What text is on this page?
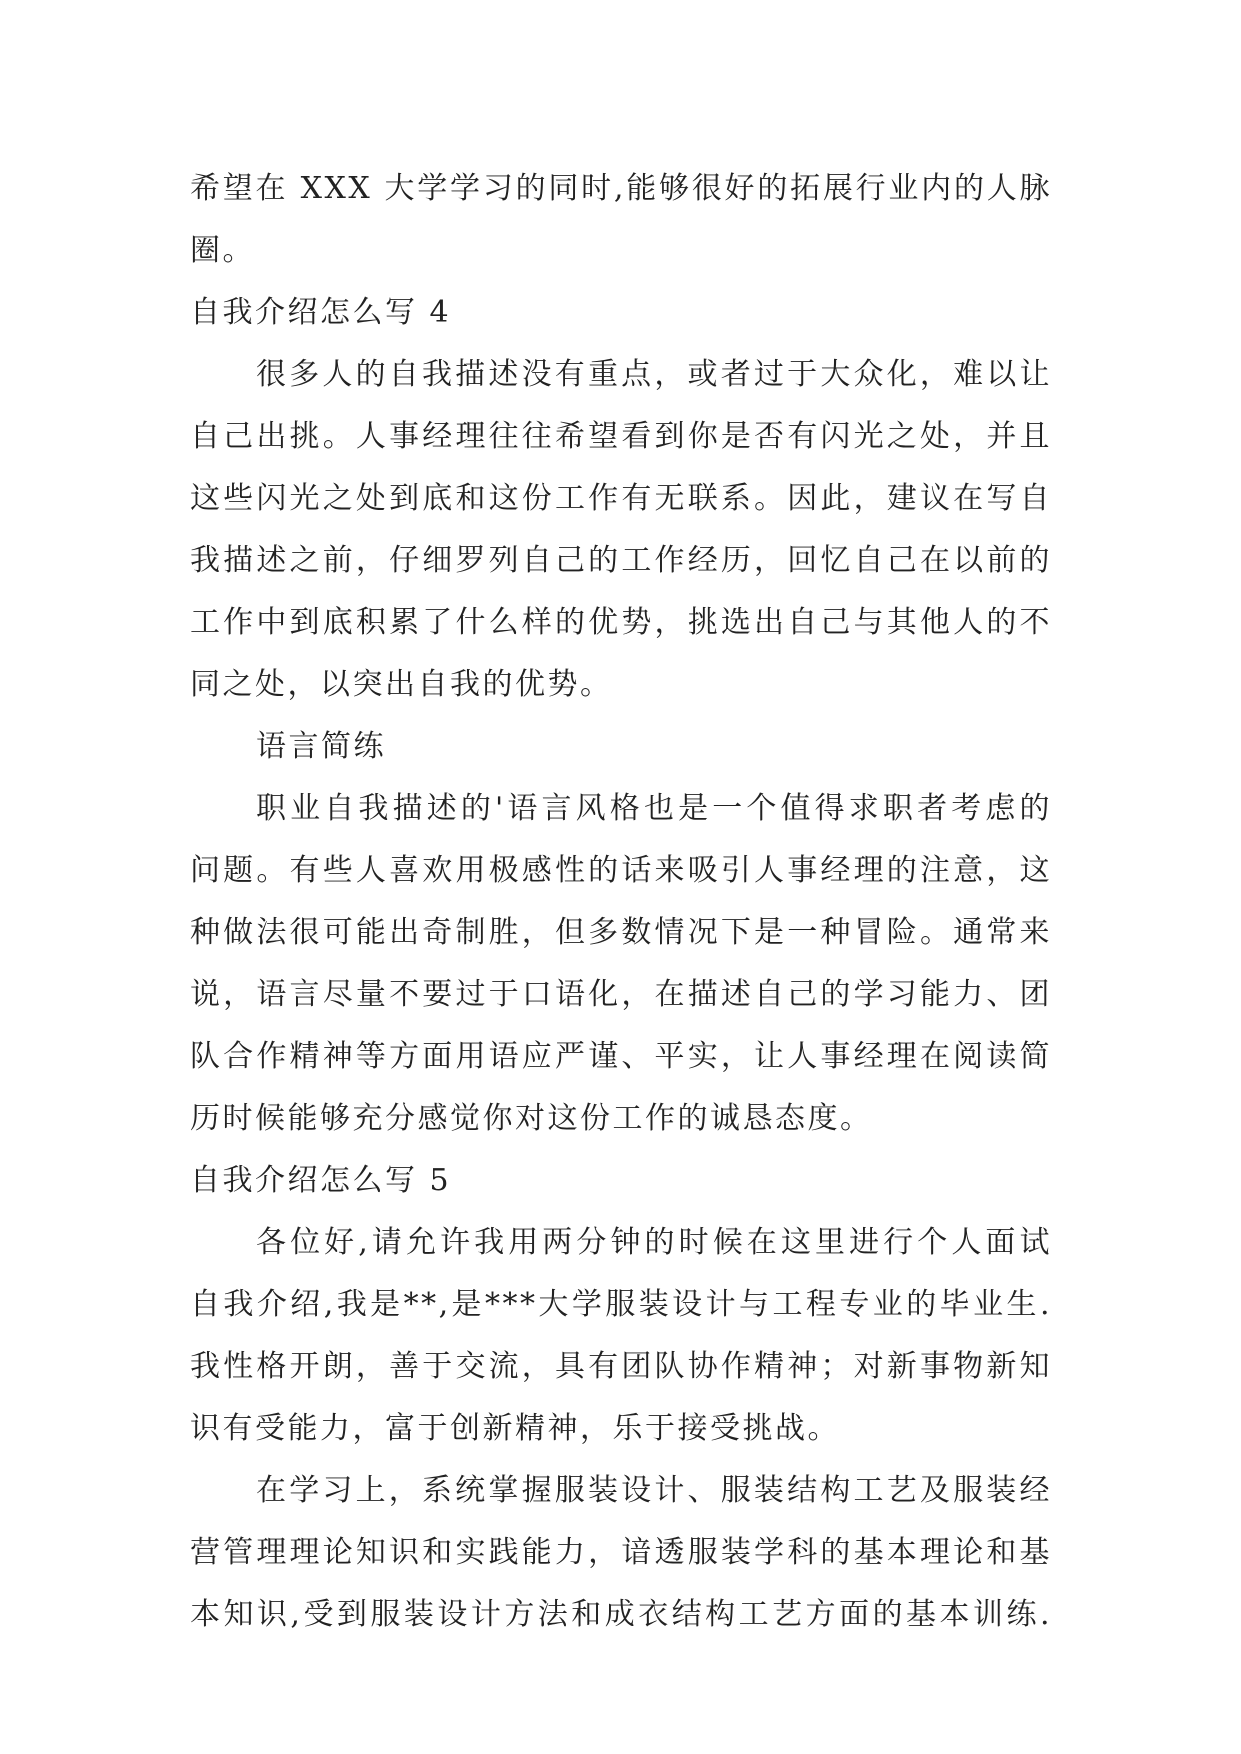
希望在 XXX 大学学习的同时,能够很好的拓展行业内的人脉
圈。
自我介绍怎么写 4
很多人的自我描述没有重点，或者过于大众化，难以让
自己出挑。人事经理往往希望看到你是否有闪光之处，并且
这些闪光之处到底和这份工作有无联系。因此，建议在写自
我描述之前，仔细罗列自己的工作经历，回忆自己在以前的
工作中到底积累了什么样的优势，挑选出自己与其他人的不
同之处，以突出自我的优势。
语言简练
职业自我描述的'语言风格也是一个值得求职者考虑的
问题。有些人喜欢用极感性的话来吸引人事经理的注意，这
种做法很可能出奇制胜，但多数情况下是一种冒险。通常来
说，语言尽量不要过于口语化，在描述自己的学习能力、团
队合作精神等方面用语应严谨、平实，让人事经理在阅读简
历时候能够充分感觉你对这份工作的诚恳态度。
自我介绍怎么写 5
各位好,请允许我用两分钟的时候在这里进行个人面试
自我介绍,我是**,是***大学服装设计与工程专业的毕业生.
我性格开朗，善于交流，具有团队协作精神；对新事物新知
识有受能力，富于创新精神，乐于接受挑战。
在学习上，系统掌握服装设计、服装结构工艺及服装经
营管理理论知识和实践能力，谙透服装学科的基本理论和基
本知识,受到服装设计方法和成衣结构工艺方面的基本训练.
